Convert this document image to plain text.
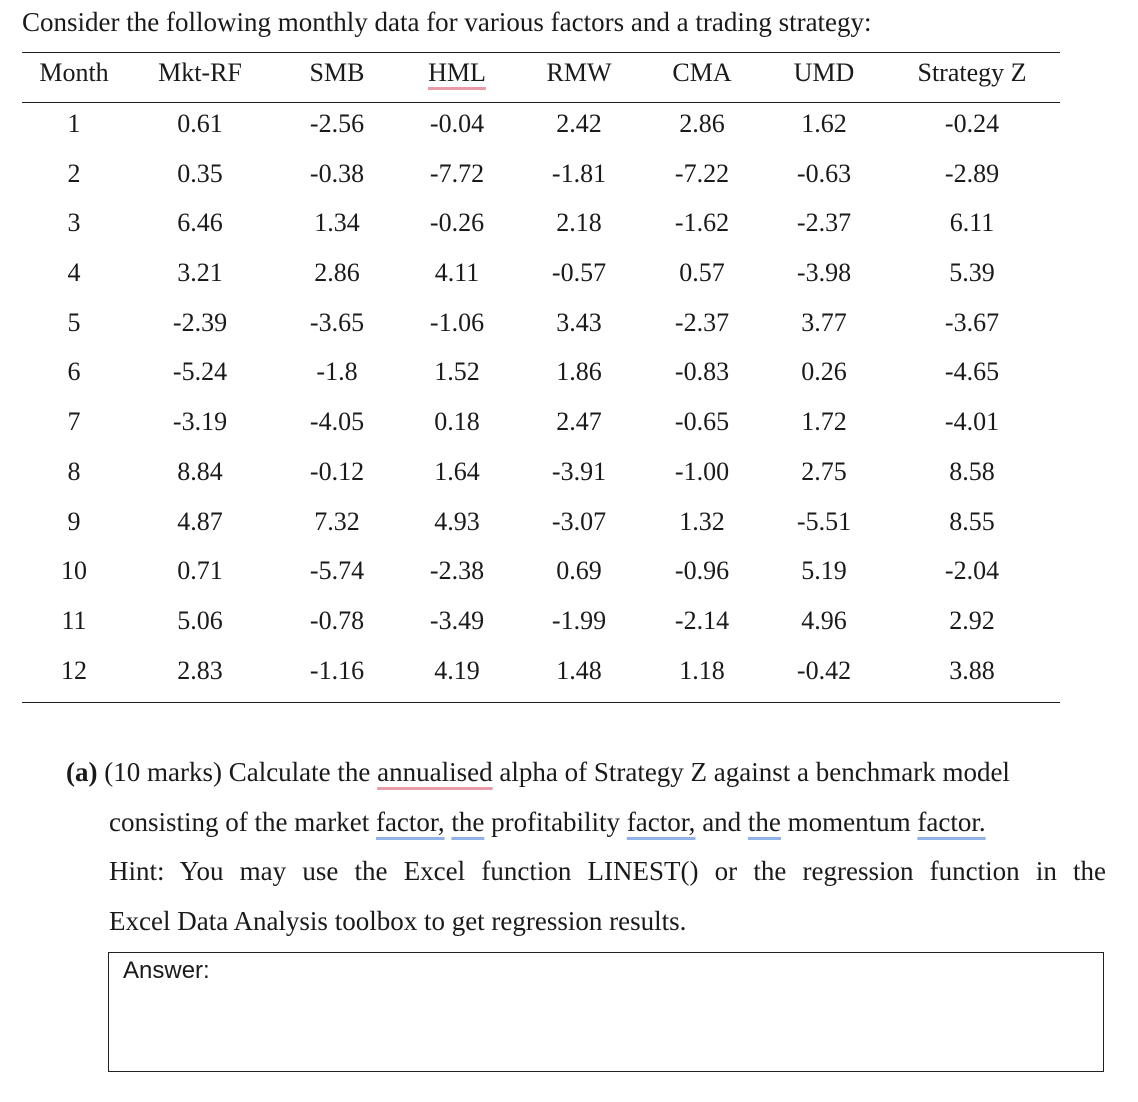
Consider the following monthly data for various factors and a trading strategy:
Month	Mkt-RF	SMB	HML	RMW	CMA	UMD	Strategy Z
1	0.61	-2.56	-0.04	2.42	2.86	1.62	-0.24
2	0.35	-0.38	-7.72	-1.81	-7.22	-0.63	-2.89
3	6.46	1.34	-0.26	2.18	-1.62	-2.37	6.11
4	3.21	2.86	4.11	-0.57	0.57	-3.98	5.39
5	-2.39	-3.65	-1.06	3.43	-2.37	3.77	-3.67
6	-5.24	-1.8	1.52	1.86	-0.83	0.26	-4.65
7	-3.19	-4.05	0.18	2.47	-0.65	1.72	-4.01
8	8.84	-0.12	1.64	-3.91	-1.00	2.75	8.58
9	4.87	7.32	4.93	-3.07	1.32	-5.51	8.55
10	0.71	-5.74	-2.38	0.69	-0.96	5.19	-2.04
11	5.06	-0.78	-3.49	-1.99	-2.14	4.96	2.92
12	2.83	-1.16	4.19	1.48	1.18	-0.42	3.88
(a) (10 marks) Calculate the annualised alpha of Strategy Z against a benchmark model
consisting of the market factor, the profitability factor, and the momentum factor.
Hint: You may use the Excel function LINEST() or the regression function in the
Excel Data Analysis toolbox to get regression results.
Answer:
